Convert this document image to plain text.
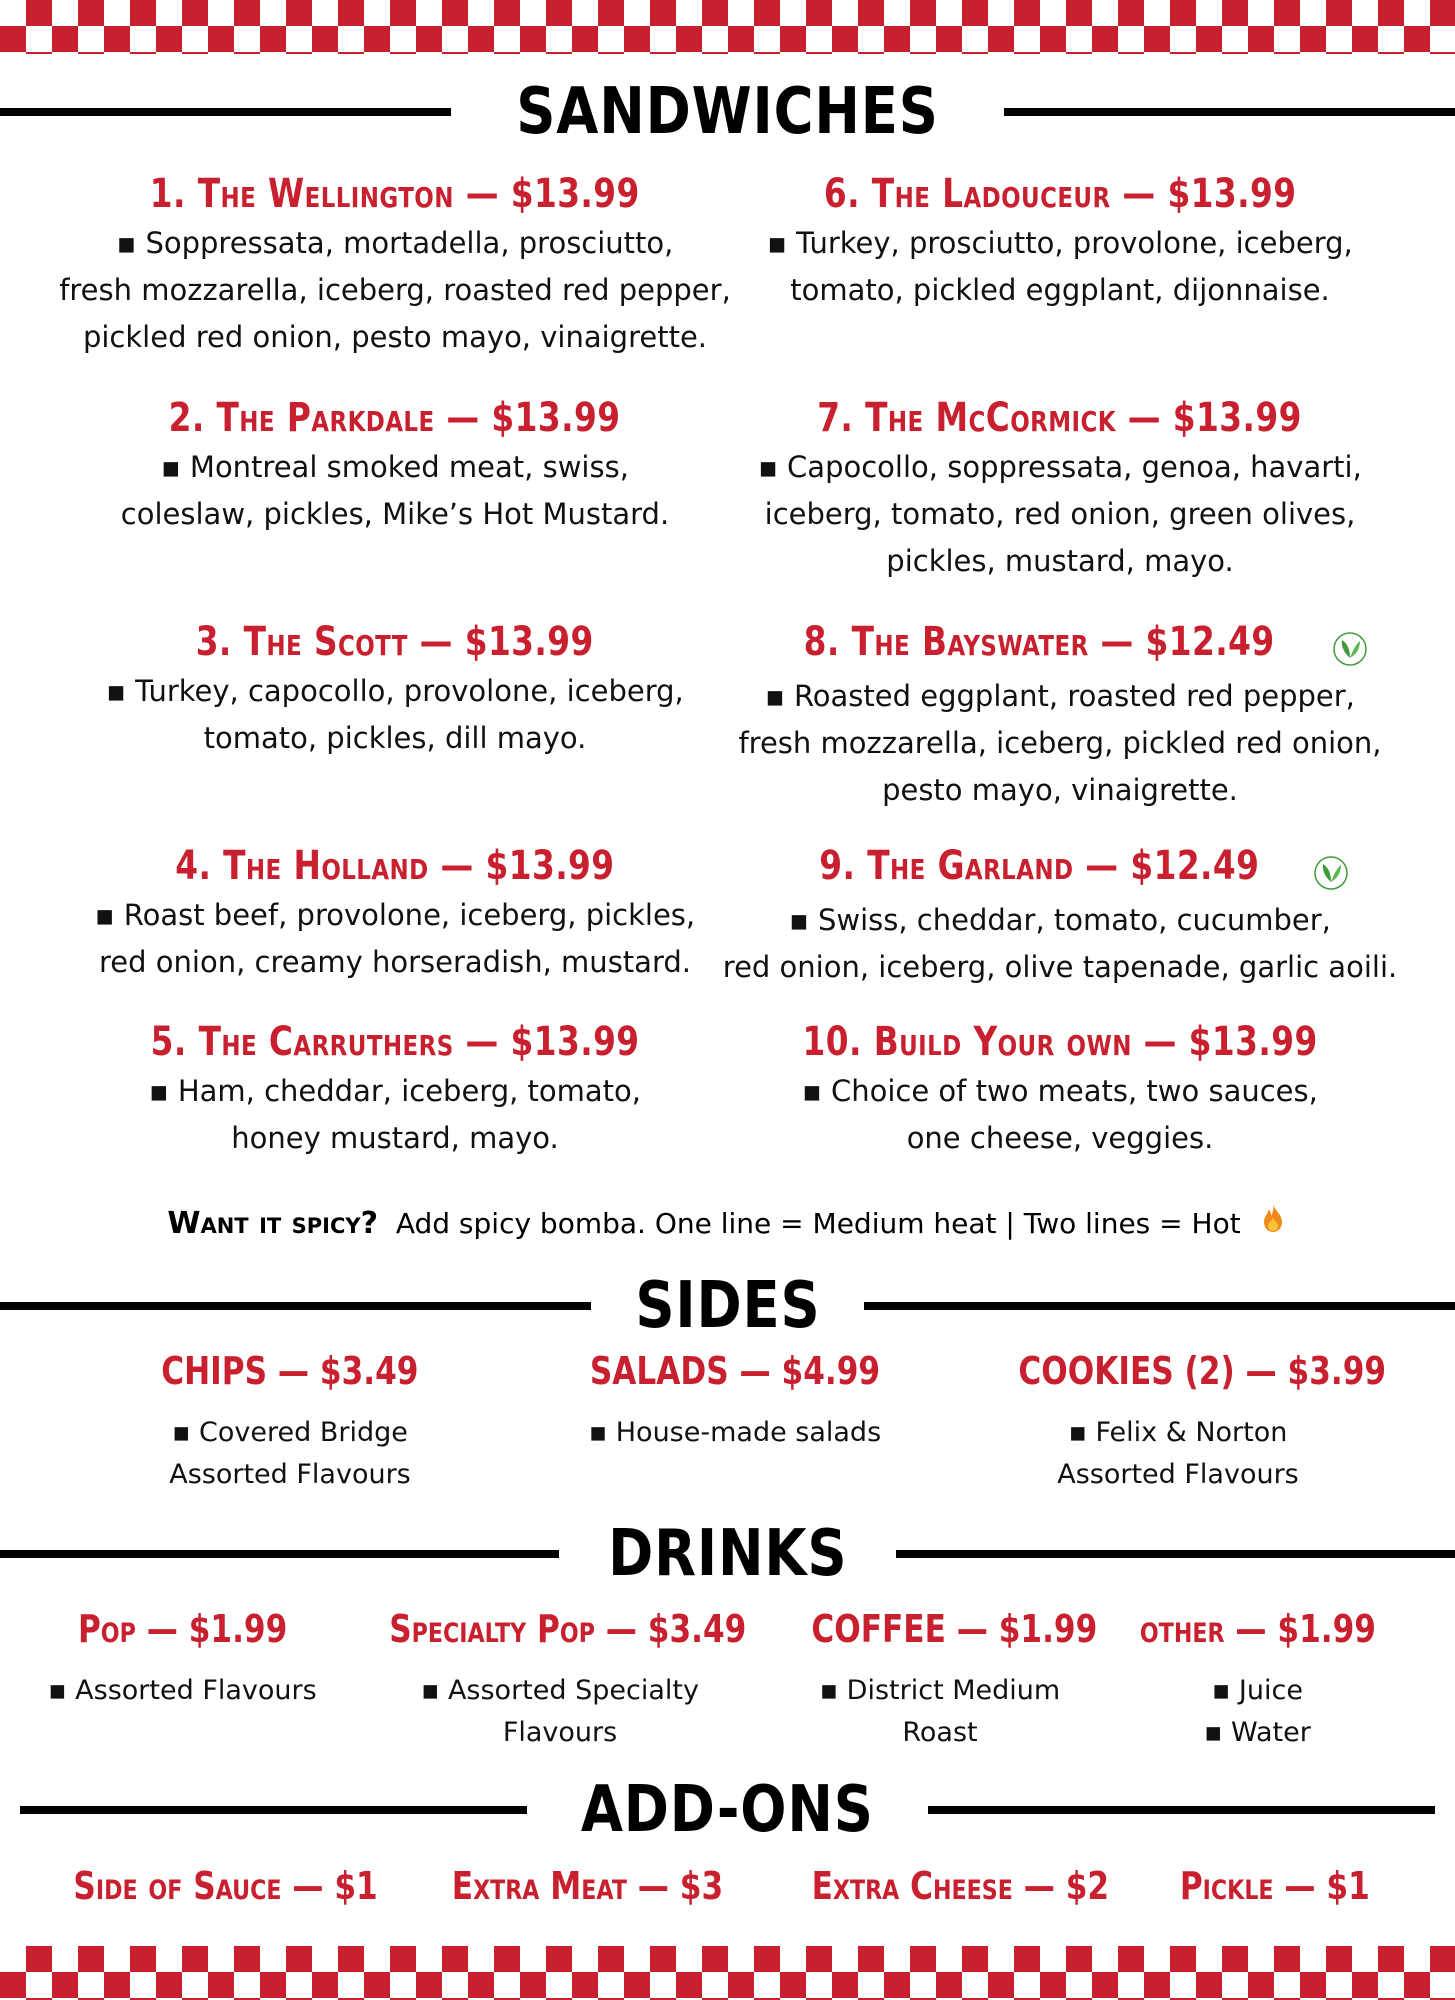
SANDWICHES
1. The Wellington — $13.99
▪ Soppressata, mortadella, prosciutto,
fresh mozzarella, iceberg, roasted red pepper,
pickled red onion, pesto mayo, vinaigrette.
2. The Parkdale — $13.99
▪ Montreal smoked meat, swiss,
coleslaw, pickles, Mike’s Hot Mustard.
3. The Scott — $13.99
▪ Turkey, capocollo, provolone, iceberg,
tomato, pickles, dill mayo.
4. The Holland — $13.99
▪ Roast beef, provolone, iceberg, pickles,
red onion, creamy horseradish, mustard.
5. The Carruthers — $13.99
▪ Ham, cheddar, iceberg, tomato,
honey mustard, mayo.
6. The Ladouceur — $13.99
▪ Turkey, prosciutto, provolone, iceberg,
tomato, pickled eggplant, dijonnaise.
7. The McCormick — $13.99
▪ Capocollo, soppressata, genoa, havarti,
iceberg, tomato, red onion, green olives,
pickles, mustard, mayo.
8. The Bayswater — $12.49
▪ Roasted eggplant, roasted red pepper,
fresh mozzarella, iceberg, pickled red onion,
pesto mayo, vinaigrette.
9. The Garland — $12.49
▪ Swiss, cheddar, tomato, cucumber,
red onion, iceberg, olive tapenade, garlic aoili.
10. Build Your own — $13.99
▪ Choice of two meats, two sauces,
one cheese, veggies.
Want it spicy? Add spicy bomba. One line = Medium heat | Two lines = Hot
SIDES
CHIPS — $3.49
▪ Covered Bridge
Assorted Flavours
SALADS — $4.99
▪ House-made salads
COOKIES (2) — $3.99
▪ Felix & Norton
Assorted Flavours
DRINKS
Pop — $1.99
▪ Assorted Flavours
Specialty Pop — $3.49
▪ Assorted Specialty
Flavours
COFFEE — $1.99
▪ District Medium Roast
other — $1.99
▪ Juice
▪ Water
ADD-ONS
Side of Sauce — $1	Extra Meat — $3	Extra Cheese — $2	Pickle — $1
